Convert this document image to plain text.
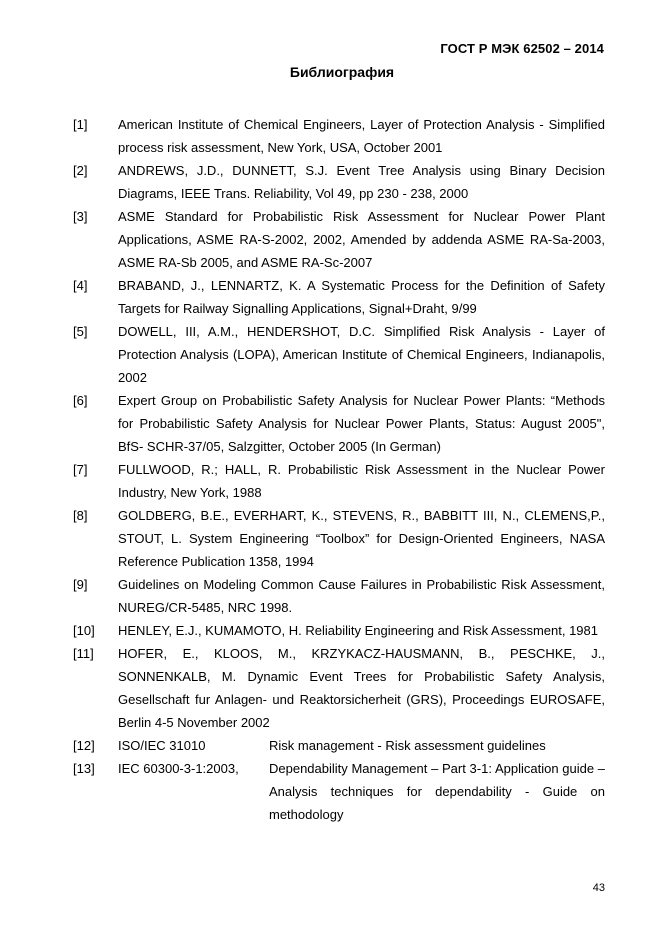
ГОСТ Р МЭК 62502 – 2014
Библиография
[1]	American Institute of Chemical Engineers, Layer of Protection Analysis - Simplified process risk assessment, New York, USA, October 2001
[2]	ANDREWS, J.D., DUNNETT, S.J. Event Tree Analysis using Binary Decision Diagrams, IEEE Trans. Reliability, Vol 49, pp 230 - 238, 2000
[3]	ASME Standard for Probabilistic Risk Assessment for Nuclear Power Plant Applications, ASME RA-S-2002, 2002, Amended by addenda ASME RA-Sa-2003, ASME RA-Sb 2005, and ASME RA-Sc-2007
[4]	BRABAND, J., LENNARTZ, K. A Systematic Process for the Definition of Safety Targets for Railway Signalling Applications, Signal+Draht, 9/99
[5]	DOWELL, III, A.M., HENDERSHOT, D.C. Simplified Risk Analysis - Layer of Protection Analysis (LOPA), American Institute of Chemical Engineers, Indianapolis, 2002
[6]	Expert Group on Probabilistic Safety Analysis for Nuclear Power Plants: “Methods for Probabilistic Safety Analysis for Nuclear Power Plants, Status: August 2005", BfS- SCHR-37/05, Salzgitter, October 2005 (In German)
[7]	FULLWOOD, R.; HALL, R. Probabilistic Risk Assessment in the Nuclear Power Industry, New York, 1988
[8]	GOLDBERG, B.E., EVERHART, K., STEVENS, R., BABBITT III, N., CLEMENS,P., STOUT, L. System Engineering “Toolbox” for Design-Oriented Engineers, NASA Reference Publication 1358, 1994
[9]	Guidelines on Modeling Common Cause Failures in Probabilistic Risk Assessment, NUREG/CR-5485, NRC 1998.
[10]	HENLEY, E.J., KUMAMOTO, H. Reliability Engineering and Risk Assessment, 1981
[11]	HOFER, E., KLOOS, M., KRZYKACZ-HAUSMANN, B., PESCHKE, J., SONNENKALB, M. Dynamic Event Trees for Probabilistic Safety Analysis, Gesellschaft fur Anlagen- und Reaktorsicherheit (GRS), Proceedings EUROSAFE, Berlin 4-5 November 2002
[12]	ISO/IEC 31010	Risk management - Risk assessment guidelines
[13]	IEC 60300-3-1:2003,	Dependability Management – Part 3-1: Application guide – Analysis techniques for dependability - Guide on methodology
43
